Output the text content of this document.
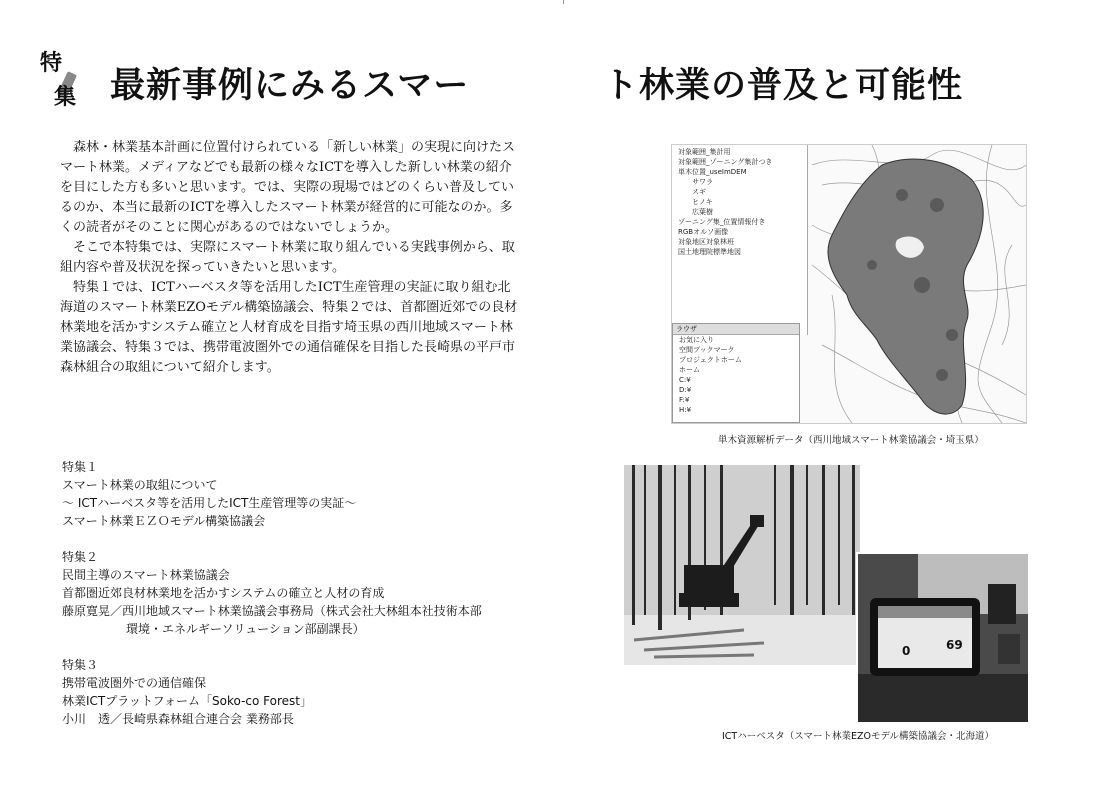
特
集 最新事例にみるスマー	ト林業の普及と可能性

森林・林業基本計画に位置付けられている「新しい林業」の実現に向けたスマート林業。メディアなどでも最新の様々なICTを導入した新しい林業の紹介を目にした方も多いと思います。では、実際の現場ではどのくらい普及しているのか、本当に最新のICTを導入したスマート林業が経営的に可能なのか。多くの読者がそのことに関心があるのではないでしょうか。

そこで本特集では、実際にスマート林業に取り組んでいる実践事例から、取組内容や普及状況を探っていきたいと思います。

特集１では、ICTハーベスタ等を活用したICT生産管理の実証に取り組む北海道のスマート林業EZOモデル構築協議会、特集２では、首都圏近郊での良材林業地を活かすシステム確立と人材育成を目指す埼玉県の西川地域スマート林業協議会、特集３では、携帯電波圏外での通信確保を目指した長崎県の平戸市森林組合の取組について紹介します。

特集１
スマート林業の取組について
～ ICTハーベスタ等を活用したICT生産管理等の実証～
スマート林業ＥＺＯモデル構築協議会
特集２
民間主導のスマート林業協議会
首都圏近郊良材林業地を活かすシステムの確立と人材の育成
藤原寛晃／西川地域スマート林業協議会事務局（株式会社大林組本社技術本部
環境・エネルギーソリューション部副課長）
特集３
携帯電波圏外での通信確保
林業ICTプラットフォーム「Soko-co Forest」
小川　透／長崎県森林組合連合会 業務部長
対象範囲_集計用
対象範囲_ゾーニング集計つき
単木位置_useImDEM
サワラ
スギ
ヒノキ
広葉樹
ゾーニング集_位置情報付き
RGBオルソ画像
対象地区対象林班
国土地理院標準地図
ラウザ
お気に入り
空間ブックマーク
プロジェクトホーム
ホーム
C:¥
D:¥
F:¥
H:¥
単木資源解析データ（西川地域スマート林業協議会・埼玉県）
0	69
ICTハーベスタ（スマート林業EZOモデル構築協議会・北海道）
